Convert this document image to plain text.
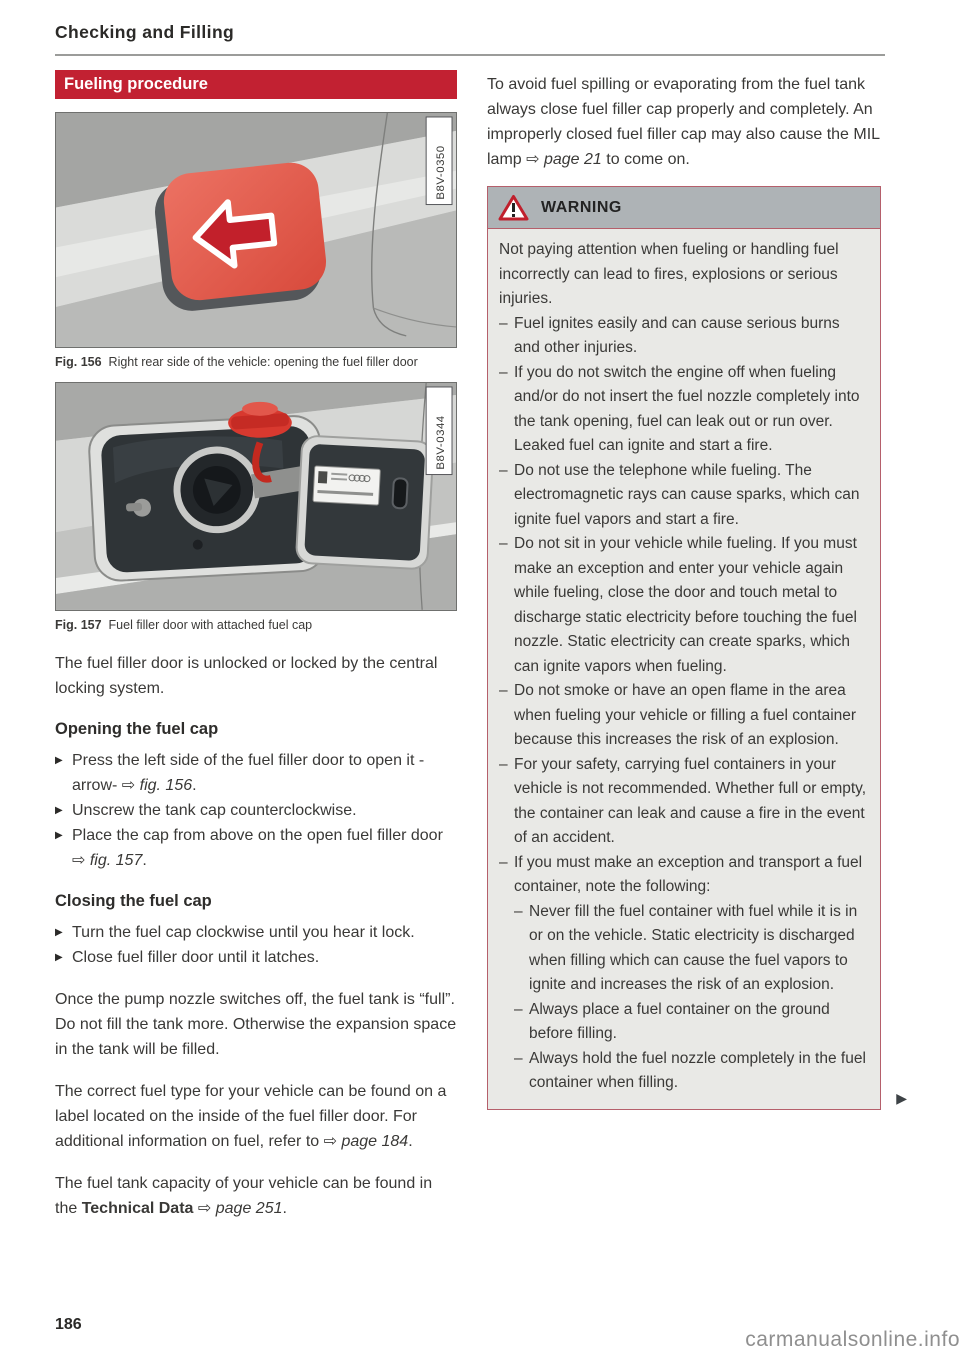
Checking and Filling
Fueling procedure
B8V-0350
Fig. 156 Right rear side of the vehicle: opening the fuel filler door
B8V-0344
Fig. 157 Fuel filler door with attached fuel cap

The fuel filler door is unlocked or locked by the central locking system.

Opening the fuel cap
▶ Press the left side of the fuel filler door to open it -arrow- ⇨ fig. 156.
▶ Unscrew the tank cap counterclockwise.
▶ Place the cap from above on the open fuel filler door ⇨ fig. 157.
Closing the fuel cap
▶ Turn the fuel cap clockwise until you hear it lock.
▶ Close fuel filler door until it latches.

Once the pump nozzle switches off, the fuel tank is “full”. Do not fill the tank more. Otherwise the expansion space in the tank will be filled.

The correct fuel type for your vehicle can be found on a label located on the inside of the fuel filler door. For additional information on fuel, refer to ⇨ page 184.

The fuel tank capacity of your vehicle can be found in the Technical Data ⇨ page 251.

To avoid fuel spilling or evaporating from the fuel tank always close fuel filler cap properly and completely. An improperly closed fuel filler cap may also cause the MIL lamp ⇨ page 21 to come on.

WARNING
Not paying attention when fueling or handling fuel incorrectly can lead to fires, explosions or serious injuries.
– Fuel ignites easily and can cause serious burns and other injuries.
– If you do not switch the engine off when fueling and/or do not insert the fuel nozzle completely into the tank opening, fuel can leak out or run over. Leaked fuel can ignite and start a fire.
– Do not use the telephone while fueling. The electromagnetic rays can cause sparks, which can ignite fuel vapors and start a fire.
– Do not sit in your vehicle while fueling. If you must make an exception and enter your vehicle again while fueling, close the door and touch metal to discharge static electricity before touching the fuel nozzle. Static electricity can create sparks, which can ignite vapors when fueling.
– Do not smoke or have an open flame in the area when fueling your vehicle or filling a fuel container because this increases the risk of an explosion.
– For your safety, carrying fuel containers in your vehicle is not recommended. Whether full or empty, the container can leak and cause a fire in the event of an accident.
– If you must make an exception and transport a fuel container, note the following:
– Never fill the fuel container with fuel while it is in or on the vehicle. Static electricity is discharged when filling which can cause the fuel vapors to ignite and increases the risk of an explosion.
– Always place a fuel container on the ground before filling.
– Always hold the fuel nozzle completely in the fuel container when filling.
▶
186
carmanualsonline.info
